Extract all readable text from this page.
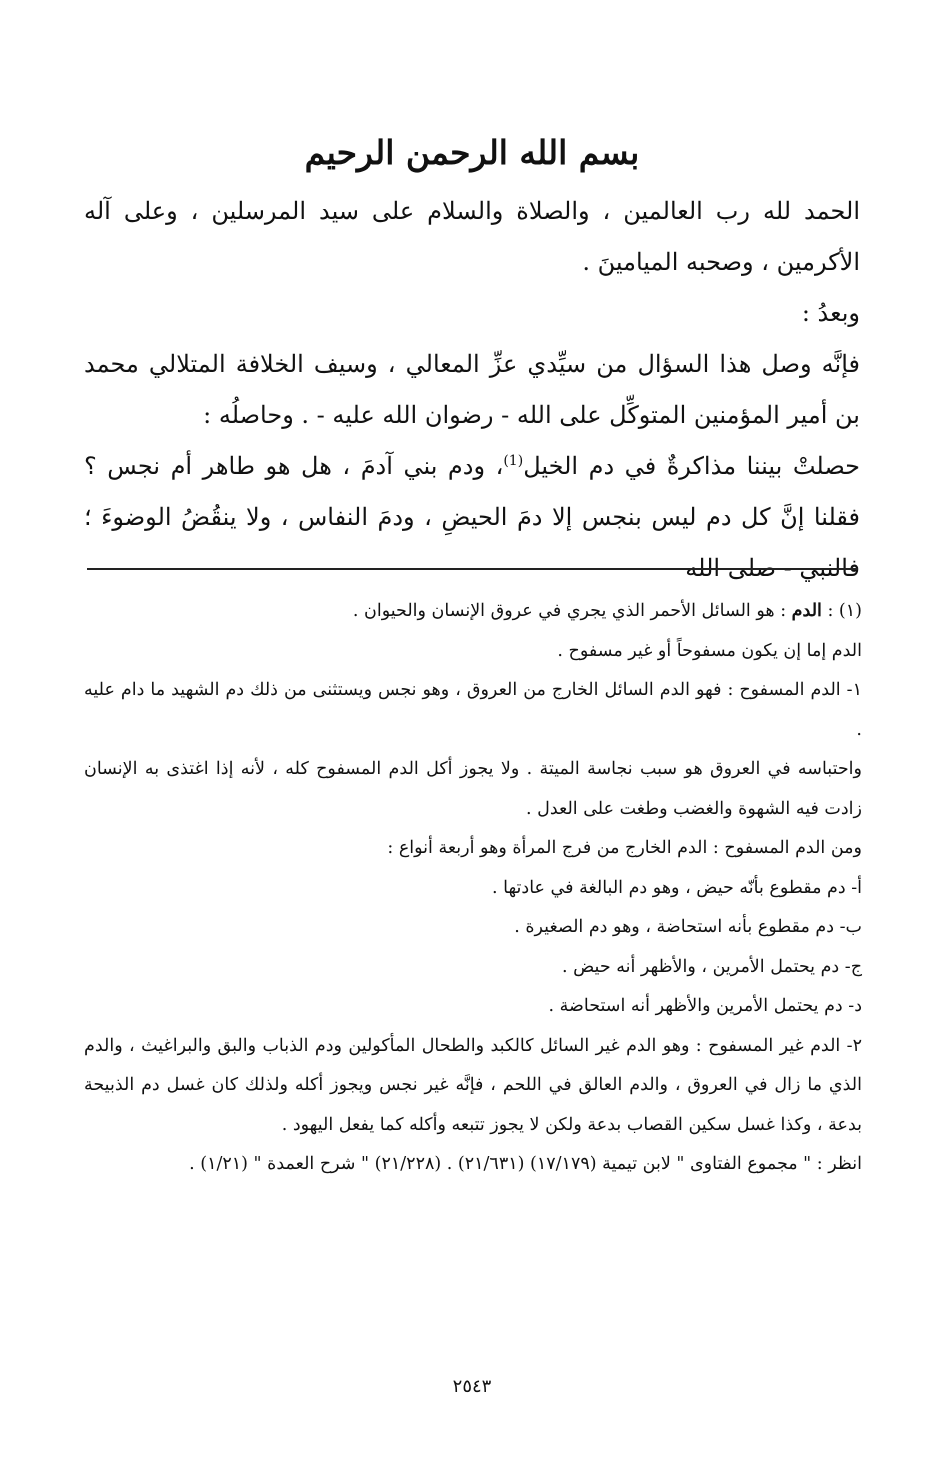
بسم الله الرحمن الرحيم

الحمد لله رب العالمين ، والصلاة والسلام على سيد المرسلين ، وعلى آله الأكرمين ، وصحبه الميامينَ .

وبعدُ :

فإنَّه وصل هذا السؤال من سيِّدي عزِّ المعالي ، وسيف الخلافة المتلالي محمد بن أمير المؤمنين المتوكِّل على الله - رضوان الله عليه - . وحاصلُه :

حصلتْ بيننا مذاكرةٌ في دم الخيل$^{(1)}$، ودم بني آدمَ ، هل هو طاهر أم نجس ؟ فقلنا إنَّ كل دم ليس بنجس إلا دمَ الحيضِ ، ودمَ النفاس ، ولا ينقُضُ الوضوءَ ؛ فالنبي - صلى الله

(١) : الدم : هو السائل الأحمر الذي يجري في عروق الإنسان والحيوان .

الدم إما إن يكون مسفوحاً أو غير مسفوح .

١- الدم المسفوح : فهو الدم السائل الخارج من العروق ، وهو نجس ويستثنى من ذلك دم الشهيد ما دام عليه .

واحتباسه في العروق هو سبب نجاسة الميتة . ولا يجوز أكل الدم المسفوح كله ، لأنه إذا اغتذى به الإنسان زادت فيه الشهوة والغضب وطغت على العدل .

ومن الدم المسفوح : الدم الخارج من فرج المرأة وهو أربعة أنواع :

أ- دم مقطوع بأنّه حيض ، وهو دم البالغة في عادتها .

ب- دم مقطوع بأنه استحاضة ، وهو دم الصغيرة .

ج- دم يحتمل الأمرين ، والأظهر أنه حيض .

د- دم يحتمل الأمرين والأظهر أنه استحاضة .

٢- الدم غير المسفوح : وهو الدم غير السائل كالكبد والطحال المأكولين ودم الذباب والبق والبراغيث ، والدم الذي ما زال في العروق ، والدم العالق في اللحم ، فإنَّه غير نجس ويجوز أكله ولذلك كان غسل دم الذبيحة بدعة ، وكذا غسل سكين القصاب بدعة ولكن لا يجوز تتبعه وأكله كما يفعل اليهود .

انظر : " مجموع الفتاوى " لابن تيمية (١٧/١٧٩) (٢١/٦٣١) . (٢١/٢٢٨) " شرح العمدة " (١/٢١) .

٢٥٤٣
